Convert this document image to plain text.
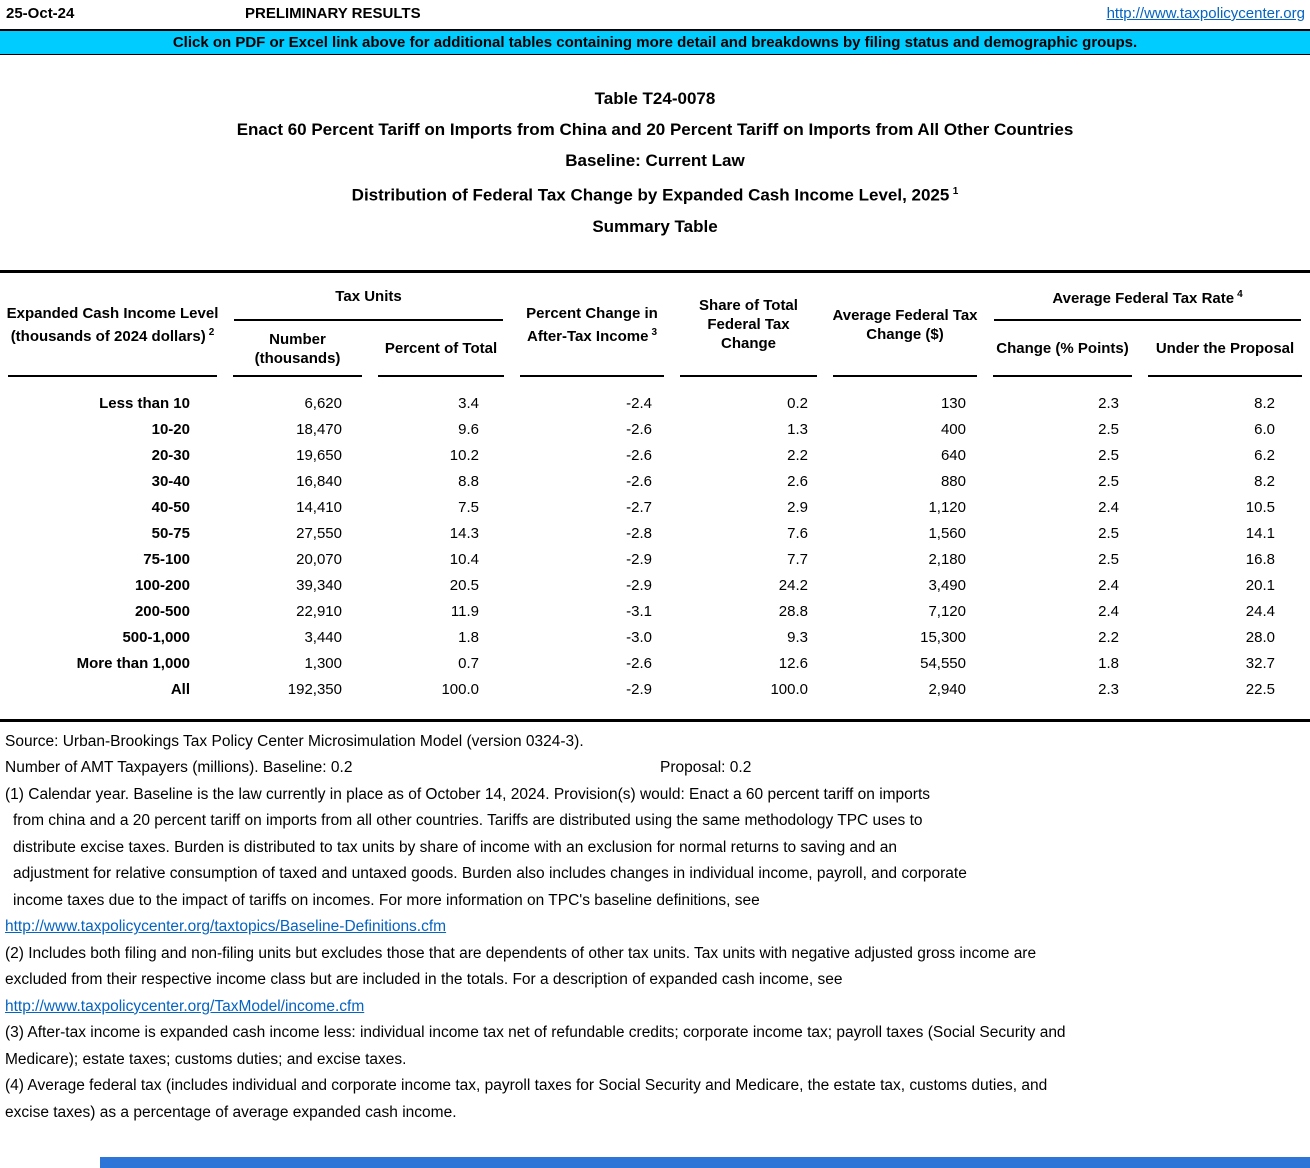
25-Oct-24	PRELIMINARY RESULTS	http://www.taxpolicycenter.org
Click on PDF or Excel link above for additional tables containing more detail and breakdowns by filing status and demographic groups.
Table T24-0078
Enact 60 Percent Tariff on Imports from China and 20 Percent Tariff on Imports from All Other Countries
Baseline: Current Law
Distribution of Federal Tax Change by Expanded Cash Income Level, 2025  $^1$
Summary Table
Expanded Cash Income Level (thousands of 2024 dollars)  $^2$	Tax Units		Percent Change in After-Tax Income  $^3$	Share of Total Federal Tax Change	Average Federal Tax Change ($)	Average Federal Tax Rate  $^4$
	Number (thousands)	Percent of Total				Change (% Points)	Under the Proposal
Less than 10	6,620	3.4	-2.4	0.2	130	2.3	8.2
10-20	18,470	9.6	-2.6	1.3	400	2.5	6.0
20-30	19,650	10.2	-2.6	2.2	640	2.5	6.2
30-40	16,840	8.8	-2.6	2.6	880	2.5	8.2
40-50	14,410	7.5	-2.7	2.9	1,120	2.4	10.5
50-75	27,550	14.3	-2.8	7.6	1,560	2.5	14.1
75-100	20,070	10.4	-2.9	7.7	2,180	2.5	16.8
100-200	39,340	20.5	-2.9	24.2	3,490	2.4	20.1
200-500	22,910	11.9	-3.1	28.8	7,120	2.4	24.4
500-1,000	3,440	1.8	-3.0	9.3	15,300	2.2	28.0
More than 1,000	1,300	0.7	-2.6	12.6	54,550	1.8	32.7
All	192,350	100.0	-2.9	100.0	2,940	2.3	22.5
Source: Urban-Brookings Tax Policy Center Microsimulation Model (version 0324-3).
Number of AMT Taxpayers (millions). Baseline: 0.2	Proposal: 0.2
(1) Calendar year. Baseline is the law currently in place as of October 14, 2024. Provision(s) would: Enact a 60 percent tariff on imports
from china and a 20 percent tariff on imports from all other countries. Tariffs are distributed using the same methodology TPC uses to
distribute excise taxes. Burden is distributed to tax units by share of income with an exclusion for normal returns to saving and an
adjustment for relative consumption of taxed and untaxed goods. Burden also includes changes in individual income, payroll, and corporate
income taxes due to the impact of tariffs on incomes. For more information on TPC's baseline definitions, see
http://www.taxpolicycenter.org/taxtopics/Baseline-Definitions.cfm
(2) Includes both filing and non-filing units but excludes those that are dependents of other tax units. Tax units with negative adjusted gross income are
excluded from their respective income class but are included in the totals. For a description of expanded cash income, see
http://www.taxpolicycenter.org/TaxModel/income.cfm
(3) After-tax income is expanded cash income less: individual income tax net of refundable credits; corporate income tax; payroll taxes (Social Security and
Medicare); estate taxes; customs duties; and excise taxes.
(4) Average federal tax (includes individual and corporate income tax, payroll taxes for Social Security and Medicare, the estate tax, customs duties, and
excise taxes) as a percentage of average expanded cash income.
